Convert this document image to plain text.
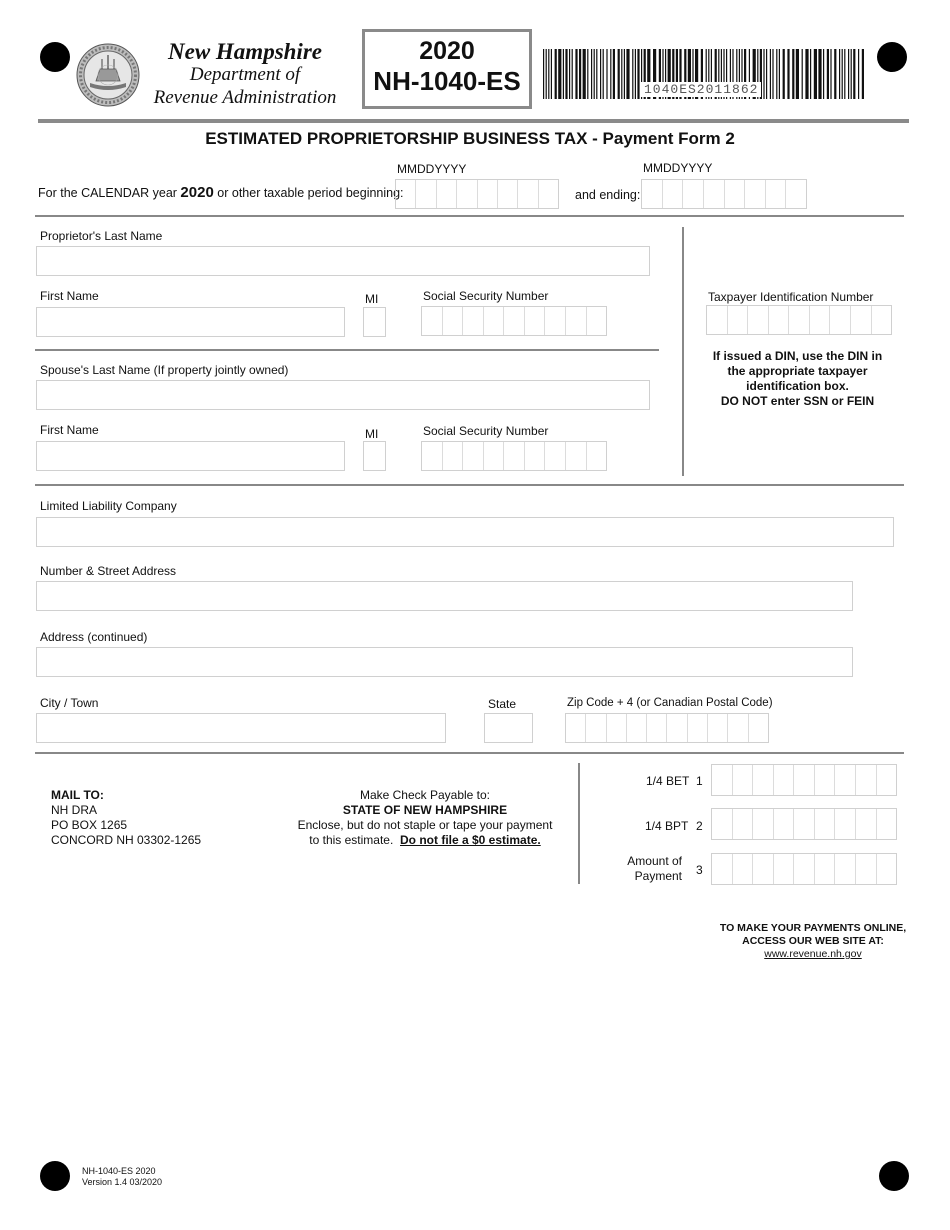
New Hampshire
Department of
Revenue Administration
2020
NH-1040-ES	1040ES2011862
ESTIMATED PROPRIETORSHIP BUSINESS TAX - Payment Form 2
For the CALENDAR year 2020 or other taxable period beginning:
MMDDYYYY
and ending:
MMDDYYYY
Proprietor's Last Name
First Name	MI	Social Security Number
Spouse's Last Name (If property jointly owned)
First Name	MI	Social Security Number
Taxpayer Identification Number
If issued a DIN, use the DIN in
the appropriate taxpayer
identification box.
DO NOT enter SSN or FEIN
Limited Liability Company
Number & Street Address
Address (continued)
City / Town	State	Zip Code + 4 (or Canadian Postal Code)
MAIL TO:
NH DRA
PO BOX 1265
CONCORD NH 03302-1265
Make Check Payable to:
STATE OF NEW HAMPSHIRE
Enclose, but do not staple or tape your payment
to this estimate. Do not file a $0 estimate.
1/4 BET 1
1/4 BPT 2
Amount of
Payment 3
TO MAKE YOUR PAYMENTS ONLINE,
ACCESS OUR WEB SITE AT:
www.revenue.nh.gov
NH-1040-ES 2020
Version 1.4 03/2020
